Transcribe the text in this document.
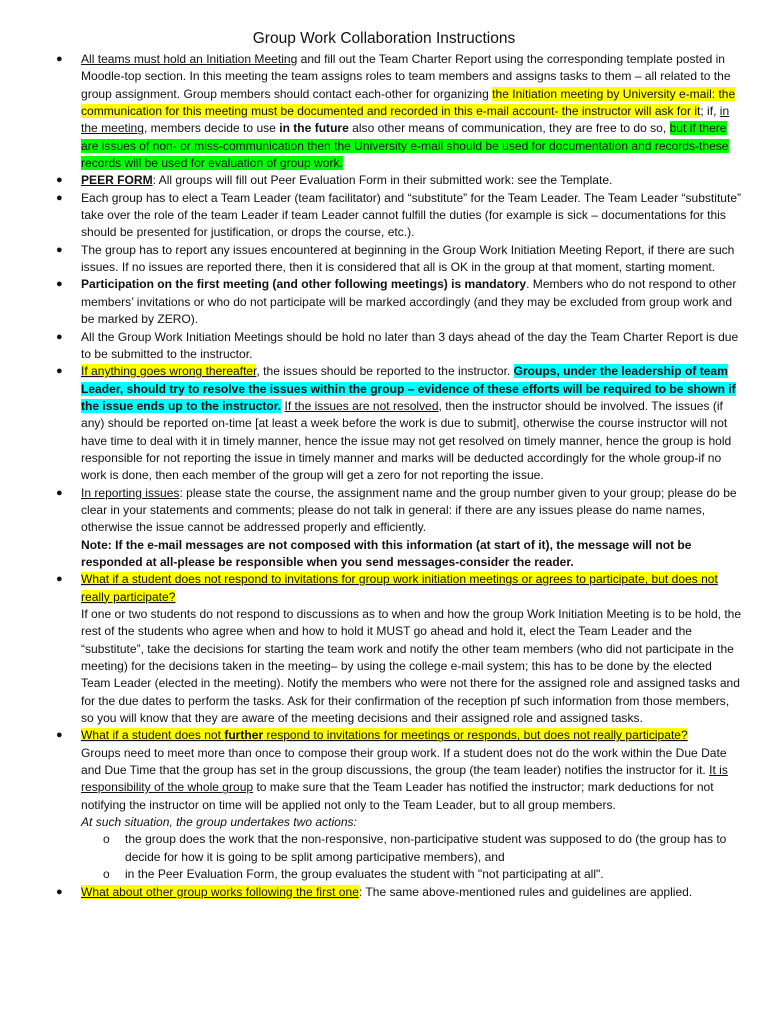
Group Work Collaboration Instructions
● All teams must hold an Initiation Meeting and fill out the Team Charter Report using the corresponding template posted in Moodle-top section. In this meeting the team assigns roles to team members and assigns tasks to them – all related to the group assignment. Group members should contact each-other for organizing the Initiation meeting by University e-mail: the communication for this meeting must be documented and recorded in this e-mail account- the instructor will ask for it; if, in the meeting, members decide to use in the future also other means of communication, they are free to do so, but if there are issues of non- or miss-communication then the University e-mail should be used for documentation and records-these records will be used for evaluation of group work.
● PEER FORM: All groups will fill out Peer Evaluation Form in their submitted work: see the Template.
● Each group has to elect a Team Leader (team facilitator) and “substitute” for the Team Leader. The Team Leader “substitute” take over the role of the team Leader if team Leader cannot fulfill the duties (for example is sick – documentations for this should be presented for justification, or drops the course, etc.).
● The group has to report any issues encountered at beginning in the Group Work Initiation Meeting Report, if there are such issues. If no issues are reported there, then it is considered that all is OK in the group at that moment, starting moment.
● Participation on the first meeting (and other following meetings) is mandatory. Members who do not respond to other members’ invitations or who do not participate will be marked accordingly (and they may be excluded from group work and be marked by ZERO).
● All the Group Work Initiation Meetings should be hold no later than 3 days ahead of the day the Team Charter Report is due to be submitted to the instructor.
● If anything goes wrong thereafter, the issues should be reported to the instructor. Groups, under the leadership of team Leader, should try to resolve the issues within the group – evidence of these efforts will be required to be shown if the issue ends up to the instructor. If the issues are not resolved, then the instructor should be involved. The issues (if any) should be reported on-time [at least a week before the work is due to submit], otherwise the course instructor will not have time to deal with it in timely manner, hence the issue may not get resolved on timely manner, hence the group is hold responsible for not reporting the issue in timely manner and marks will be deducted accordingly for the whole group-if no work is done, then each member of the group will get a zero for not reporting the issue.
● In reporting issues: please state the course, the assignment name and the group number given to your group; please do be clear in your statements and comments; please do not talk in general: if there are any issues please do name names, otherwise the issue cannot be addressed properly and efficiently.
Note: If the e-mail messages are not composed with this information (at start of it), the message will not be responded at all-please be responsible when you send messages-consider the reader.
● What if a student does not respond to invitations for group work initiation meetings or agrees to participate, but does not really participate?
If one or two students do not respond to discussions as to when and how the group Work Initiation Meeting is to be hold, the rest of the students who agree when and how to hold it MUST go ahead and hold it, elect the Team Leader and the “substitute”, take the decisions for starting the team work and notify the other team members (who did not participate in the meeting) for the decisions taken in the meeting– by using the college e-mail system; this has to be done by the elected Team Leader (elected in the meeting). Notify the members who were not there for the assigned role and assigned tasks and for the due dates to perform the tasks. Ask for their confirmation of the reception pf such information from those members, so you will know that they are aware of the meeting decisions and their assigned role and assigned tasks.
● What if a student does not further respond to invitations for meetings or responds, but does not really participate?
Groups need to meet more than once to compose their group work. If a student does not do the work within the Due Date and Due Time that the group has set in the group discussions, the group (the team leader) notifies the instructor for it. It is responsibility of the whole group to make sure that the Team Leader has notified the instructor; mark deductions for not notifying the instructor on time will be applied not only to the Team Leader, but to all group members.
At such situation, the group undertakes two actions:
o the group does the work that the non-responsive, non-participative student was supposed to do (the group has to decide for how it is going to be split among participative members), and
o in the Peer Evaluation Form, the group evaluates the student with "not participating at all".
● What about other group works following the first one: The same above-mentioned rules and guidelines are applied.
